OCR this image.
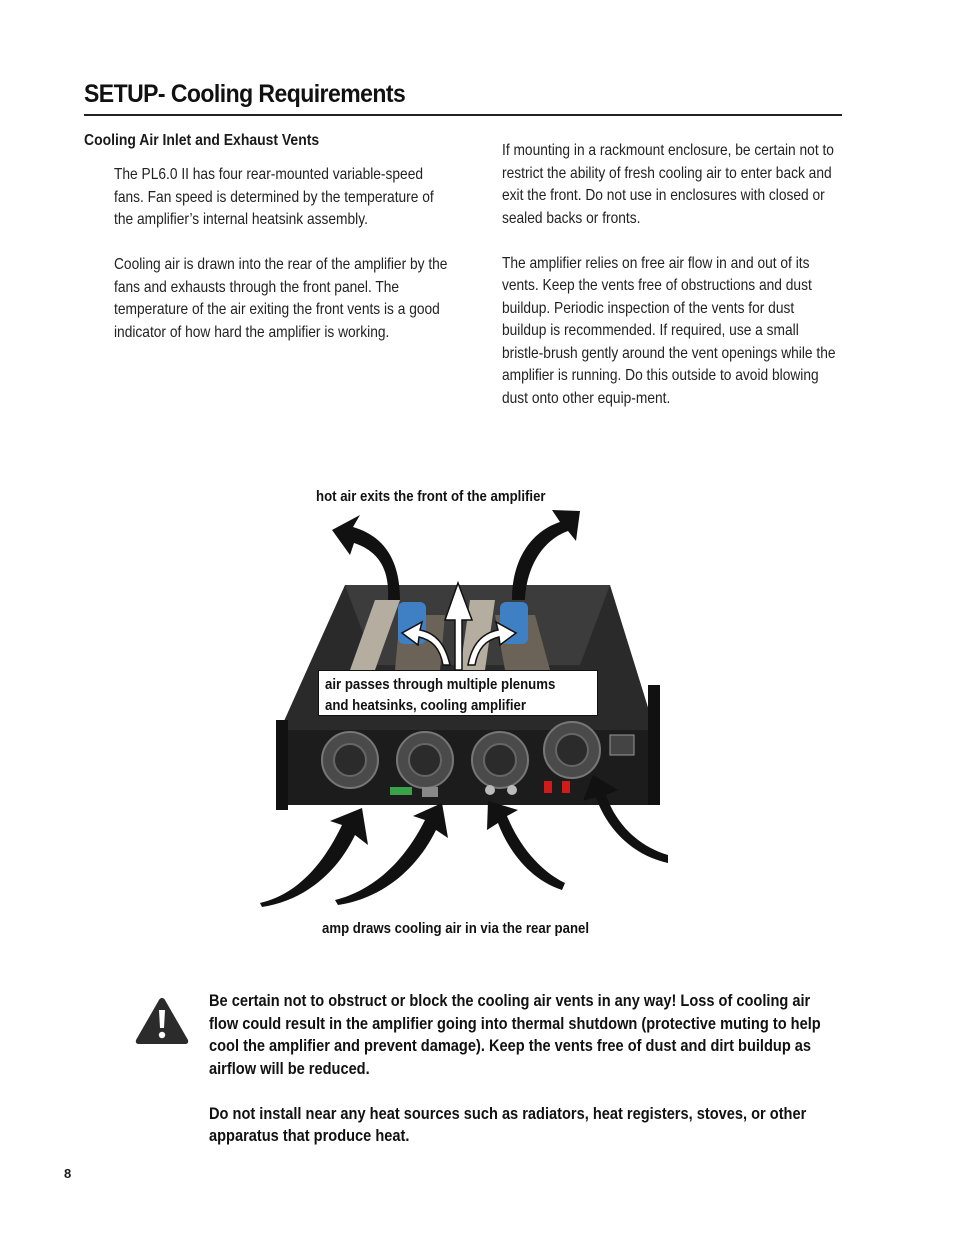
SETUP- Cooling Requirements
Cooling Air Inlet and Exhaust Vents

The PL6.0 II has four rear-mounted variable-speed fans. Fan speed is determined by the temperature of the amplifier’s internal heatsink assembly.

Cooling air is drawn into the rear of the amplifier by the fans and exhausts through the front panel. The temperature of the air exiting the front vents is a good indicator of how hard the amplifier is working.

If mounting in a rackmount enclosure, be certain not to restrict the ability of fresh cooling air to enter back and exit the front. Do not use in enclosures with closed or sealed backs or fronts.

The amplifier relies on free air flow in and out of its vents. Keep the vents free of obstructions and dust buildup. Periodic inspection of the vents for dust buildup is recommended. If required, use a small bristle-brush gently around the vent openings while the amplifier is running. Do this outside to avoid blowing dust onto other equip-ment.

hot air exits the front of the amplifier
air passes through multiple plenums
and heatsinks, cooling amplifier
amp draws cooling air in via the rear panel

Be certain not to obstruct or block the cooling air vents in any way! Loss of cooling air flow could result in the amplifier going into thermal shutdown (protective muting to help cool the amplifier and prevent damage). Keep the vents free of dust and dirt buildup as airflow will be reduced.

Do not install near any heat sources such as radiators, heat registers, stoves, or other apparatus that produce heat.

8
